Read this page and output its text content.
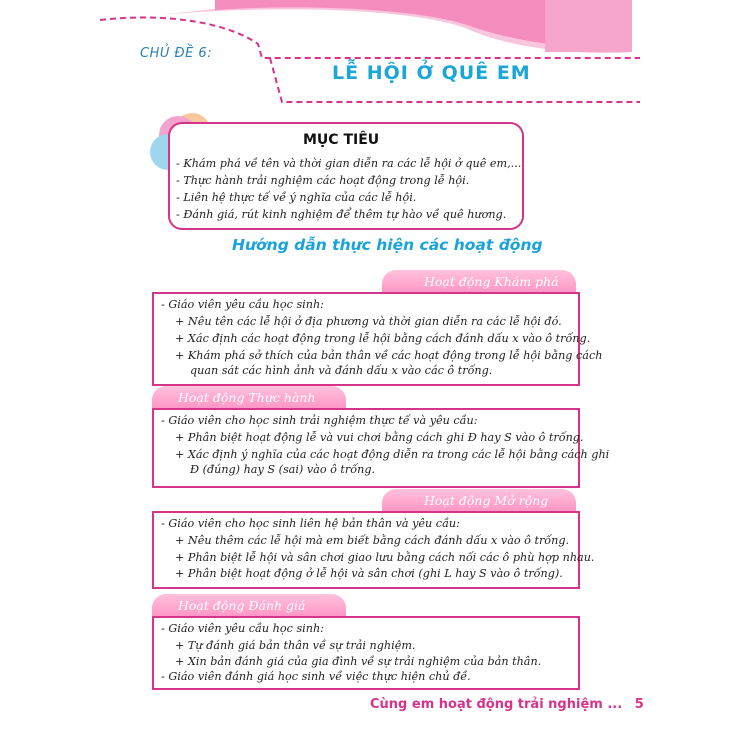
CHỦ ĐỀ 6:
LỄ HỘI Ở QUÊ EM
MỤC TIÊU
- Khám phá về tên và thời gian diễn ra các lễ hội ở quê em,...
- Thực hành trải nghiệm các hoạt động trong lễ hội.
- Liên hệ thực tế về ý nghĩa của các lễ hội.
- Đánh giá, rút kinh nghiệm để thêm tự hào về quê hương.
Hướng dẫn thực hiện các hoạt động
Hoạt động Khám phá
- Giáo viên yêu cầu học sinh:
+ Nêu tên các lễ hội ở địa phương và thời gian diễn ra các lễ hội đó.
+ Xác định các hoạt động trong lễ hội bằng cách đánh dấu x vào ô trống.
+ Khám phá sở thích của bản thân về các hoạt động trong lễ hội bằng cách
quan sát các hình ảnh và đánh dấu x vào các ô trống.
Hoạt động Thực hành
- Giáo viên cho học sinh trải nghiệm thực tế và yêu cầu:
+ Phân biệt hoạt động lễ và vui chơi bằng cách ghi Đ hay S vào ô trống.
+ Xác định ý nghĩa của các hoạt động diễn ra trong các lễ hội bằng cách ghi
Đ (đúng) hay S (sai) vào ô trống.
Hoạt động Mở rộng
- Giáo viên cho học sinh liên hệ bản thân và yêu cầu:
+ Nêu thêm các lễ hội mà em biết bằng cách đánh dấu x vào ô trống.
+ Phân biệt lễ hội và sân chơi giao lưu bằng cách nối các ô phù hợp nhau.
+ Phân biệt hoạt động ở lễ hội và sân chơi (ghi L hay S vào ô trống).
Hoạt động Đánh giá
- Giáo viên yêu cầu học sinh:
+ Tự đánh giá bản thân về sự trải nghiệm.
+ Xin bản đánh giá của gia đình về sự trải nghiệm của bản thân.
- Giáo viên đánh giá học sinh về việc thực hiện chủ đề.
Cùng em hoạt động trải nghiệm ... 5
